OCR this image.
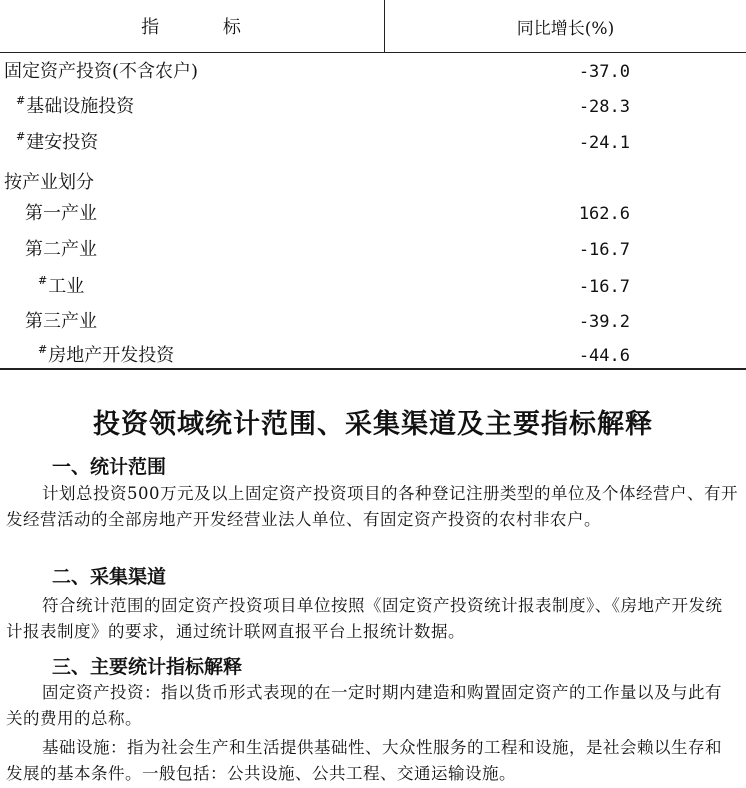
指        标	同比增长(%)
固定资产投资(不含农户)	-37.0
#基础设施投资	-28.3
#建安投资	-24.1
按产业划分
第一产业	162.6
第二产业	-16.7
#工业	-16.7
第三产业	-39.2
#房地产开发投资	-44.6
投资领域统计范围、采集渠道及主要指标解释
一、统计范围

计划总投资500万元及以上固定资产投资项目的各种登记注册类型的单位及个体经营户、有开发经营活动的全部房地产开发经营业法人单位、有固定资产投资的农村非农户。

二、采集渠道

符合统计范围的固定资产投资项目单位按照《固定资产投资统计报表制度》、《房地产开发统计报表制度》的要求，通过统计联网直报平台上报统计数据。

三、主要统计指标解释

固定资产投资：指以货币形式表现的在一定时期内建造和购置固定资产的工作量以及与此有关的费用的总称。

基础设施：指为社会生产和生活提供基础性、大众性服务的工程和设施，是社会赖以生存和发展的基本条件。一般包括：公共设施、公共工程、交通运输设施。
